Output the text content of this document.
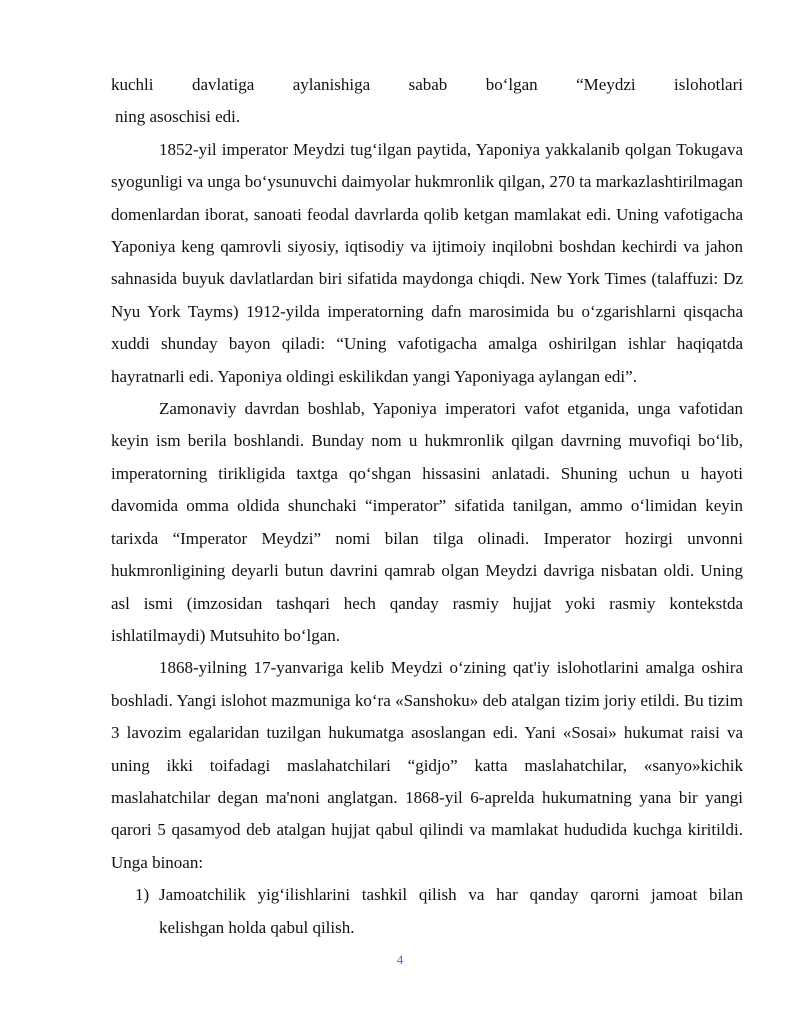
kuchli davlatiga aylanishiga sabab bo‘lgan “Meydzi islohotlari

ning asoschisi edi.

1852-yil imperator Meydzi tug‘ilgan paytida, Yaponiya yakkalanib qolgan Tokugava syogunligi va unga bo‘ysunuvchi daimyolar hukmronlik qilgan, 270 ta markazlashtirilmagan domenlardan iborat, sanoati feodal davrlarda qolib ketgan mamlakat edi. Uning vafotigacha Yaponiya keng qamrovli siyosiy, iqtisodiy va ijtimoiy inqilobni boshdan kechirdi va jahon sahnasida buyuk davlatlardan biri sifatida maydonga chiqdi. New York Times (talaffuzi: Dz Nyu York Tayms) 1912-yilda imperatorning dafn marosimida bu o‘zgarishlarni qisqacha xuddi shunday bayon qiladi: “Uning vafotigacha amalga oshirilgan ishlar haqiqatda hayratnarli edi. Yaponiya oldingi eskilikdan yangi Yaponiyaga aylangan edi”.

Zamonaviy davrdan boshlab, Yaponiya imperatori vafot etganida, unga vafotidan keyin ism berila boshlandi. Bunday nom u hukmronlik qilgan davrning muvofiqi bo‘lib, imperatorning tirikligida taxtga qo‘shgan hissasini anlatadi. Shuning uchun u hayoti davomida omma oldida shunchaki “imperator” sifatida tanilgan, ammo o‘limidan keyin tarixda “Imperator Meydzi” nomi bilan tilga olinadi. Imperator hozirgi unvonni hukmronligining deyarli butun davrini qamrab olgan Meydzi davriga nisbatan oldi. Uning asl ismi (imzosidan tashqari hech qanday rasmiy hujjat yoki rasmiy kontekstda ishlatilmaydi) Mutsuhito bo‘lgan.

1868-yilning 17-yanvariga kelib Meydzi o‘zining qat'iy islohotlarini amalga oshira boshladi. Yangi islohot mazmuniga ko‘ra «Sanshoku» deb atalgan tizim joriy etildi. Bu tizim 3 lavozim egalaridan tuzilgan hukumatga asoslangan edi. Yani «Sosai» hukumat raisi va uning ikki toifadagi maslahatchilari “gidjo” katta maslahatchilar, «sanyo»kichik maslahatchilar degan ma'noni anglatgan. 1868-yil 6-aprelda hukumatning yana bir yangi qarori 5 qasamyod deb atalgan hujjat qabul qilindi va mamlakat hududida kuchga kiritildi. Unga binoan:

1) Jamoatchilik yig‘ilishlarini tashkil qilish va har qanday qarorni jamoat bilan kelishgan holda qabul qilish.
4
